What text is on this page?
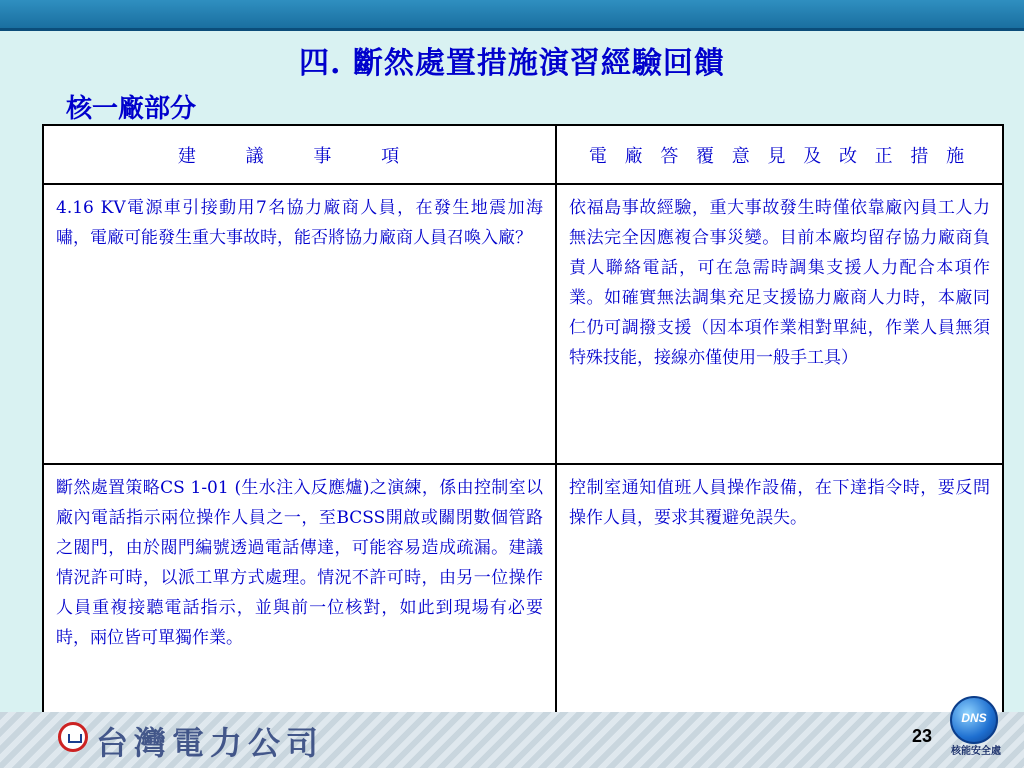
四. 斷然處置措施演習經驗回饋
核一廠部分
建 議 事 項	電 廠 答 覆 意 見 及 改 正 措 施
4.16 KV電源車引接動用7名協力廠商人員，在發生地震加海嘯，電廠可能發生重大事故時，能否將協力廠商人員召喚入廠？	依福島事故經驗，重大事故發生時僅依靠廠內員工人力無法完全因應複合事災變。目前本廠均留存協力廠商負責人聯絡電話，可在急需時調集支援人力配合本項作業。如確實無法調集充足支援協力廠商人力時，本廠同仁仍可調撥支援（因本項作業相對單純，作業人員無須特殊技能，接線亦僅使用一般手工具）
斷然處置策略CS 1-01 (生水注入反應爐)之演練，係由控制室以廠內電話指示兩位操作人員之一，至BCSS開啟或關閉數個管路之閥門，由於閥門編號透過電話傳達，可能容易造成疏漏。建議情況許可時，以派工單方式處理。情況不許可時，由另一位操作人員重複接聽電話指示，並與前一位核對，如此到現場有必要時，兩位皆可單獨作業。	控制室通知值班人員操作設備，在下達指令時，要反問操作人員，要求其覆避免誤失。
台灣電力公司	23
DNS
核能安全處
